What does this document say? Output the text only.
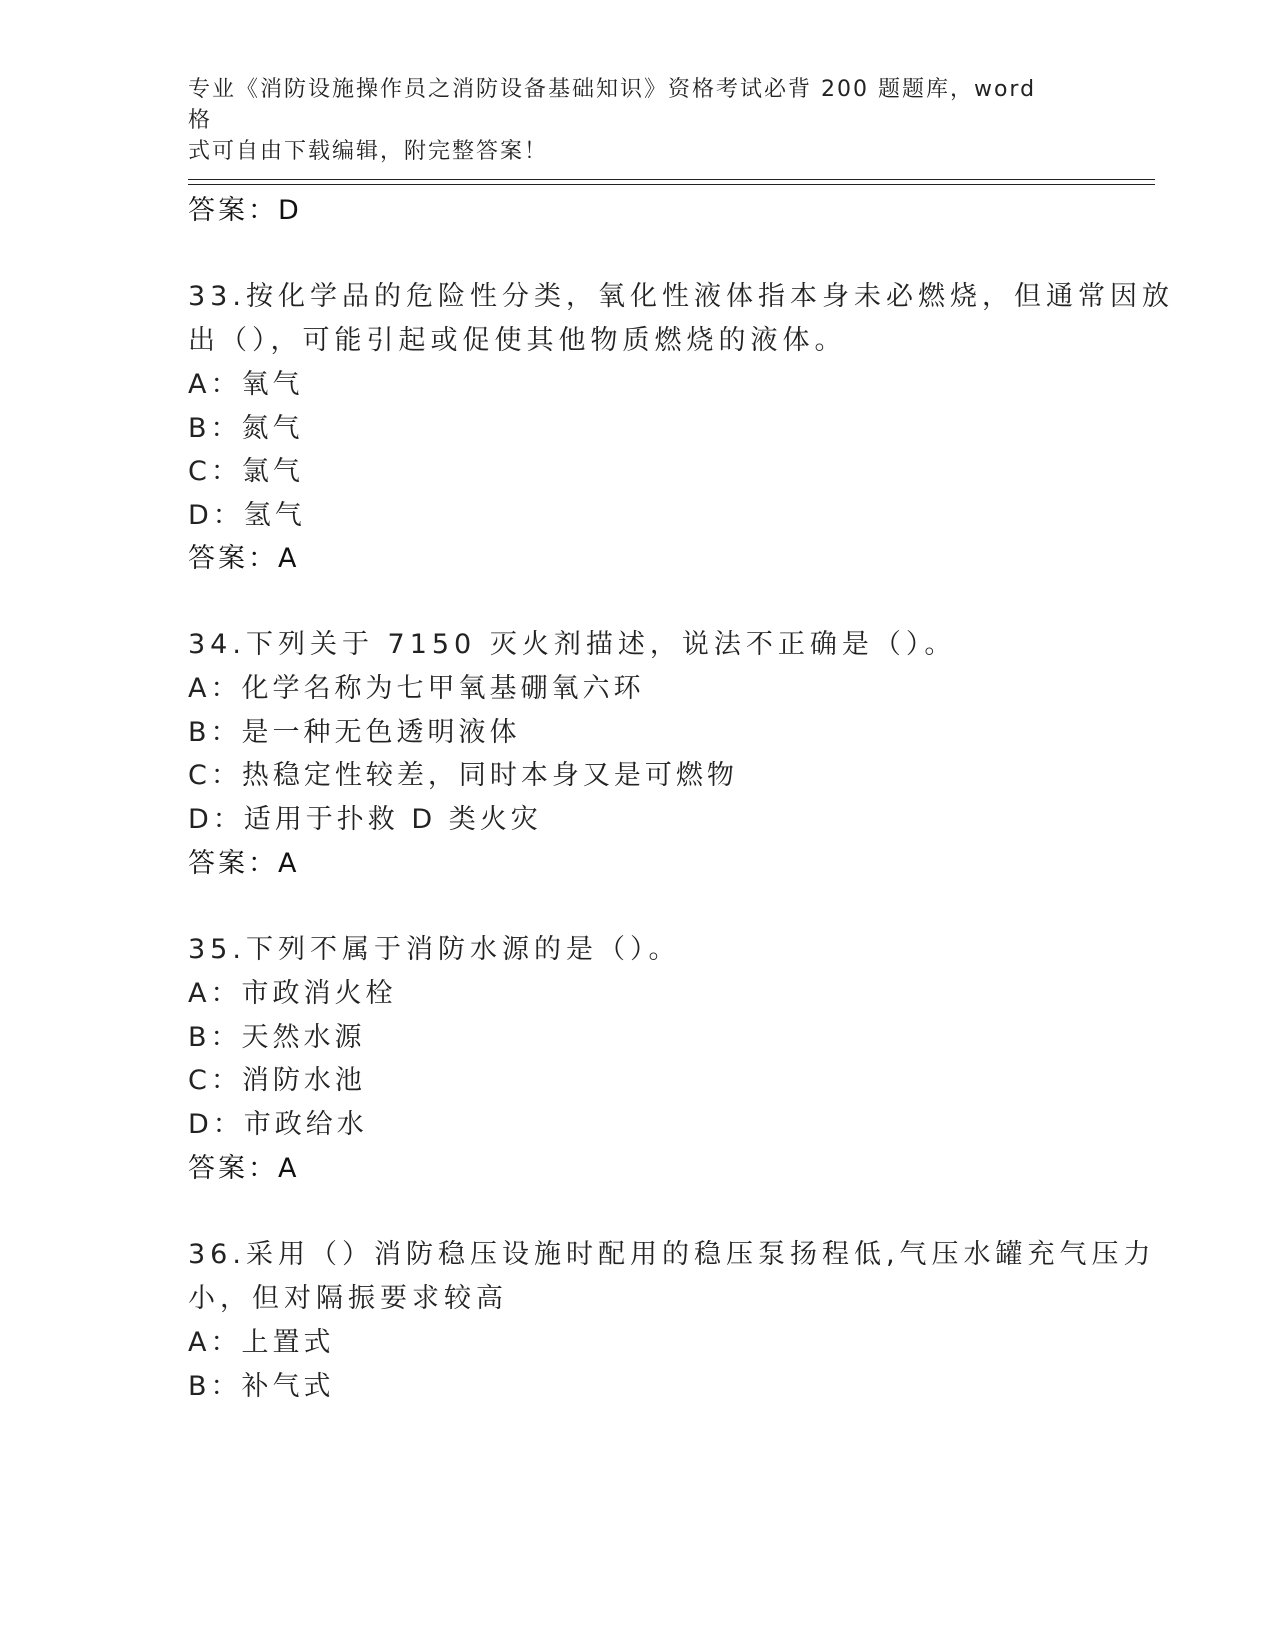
专业《消防设施操作员之消防设备基础知识》资格考试必背 200 题题库，word 格
式可自由下载编辑，附完整答案！
答案：D
33.按化学品的危险性分类，氧化性液体指本身未必燃烧，但通常因放
出（），可能引起或促使其他物质燃烧的液体。
A：氧气
B：氮气
C：氯气
D：氢气
答案：A
34.下列关于 7150 灭火剂描述，说法不正确是（）。
A：化学名称为七甲氧基硼氧六环
B：是一种无色透明液体
C：热稳定性较差，同时本身又是可燃物
D：适用于扑救 D 类火灾
答案：A
35.下列不属于消防水源的是（）。
A：市政消火栓
B：天然水源
C：消防水池
D：市政给水
答案：A
36.采用（）消防稳压设施时配用的稳压泵扬程低,气压水罐充气压力
小，但对隔振要求较高
A：上置式
B：补气式
